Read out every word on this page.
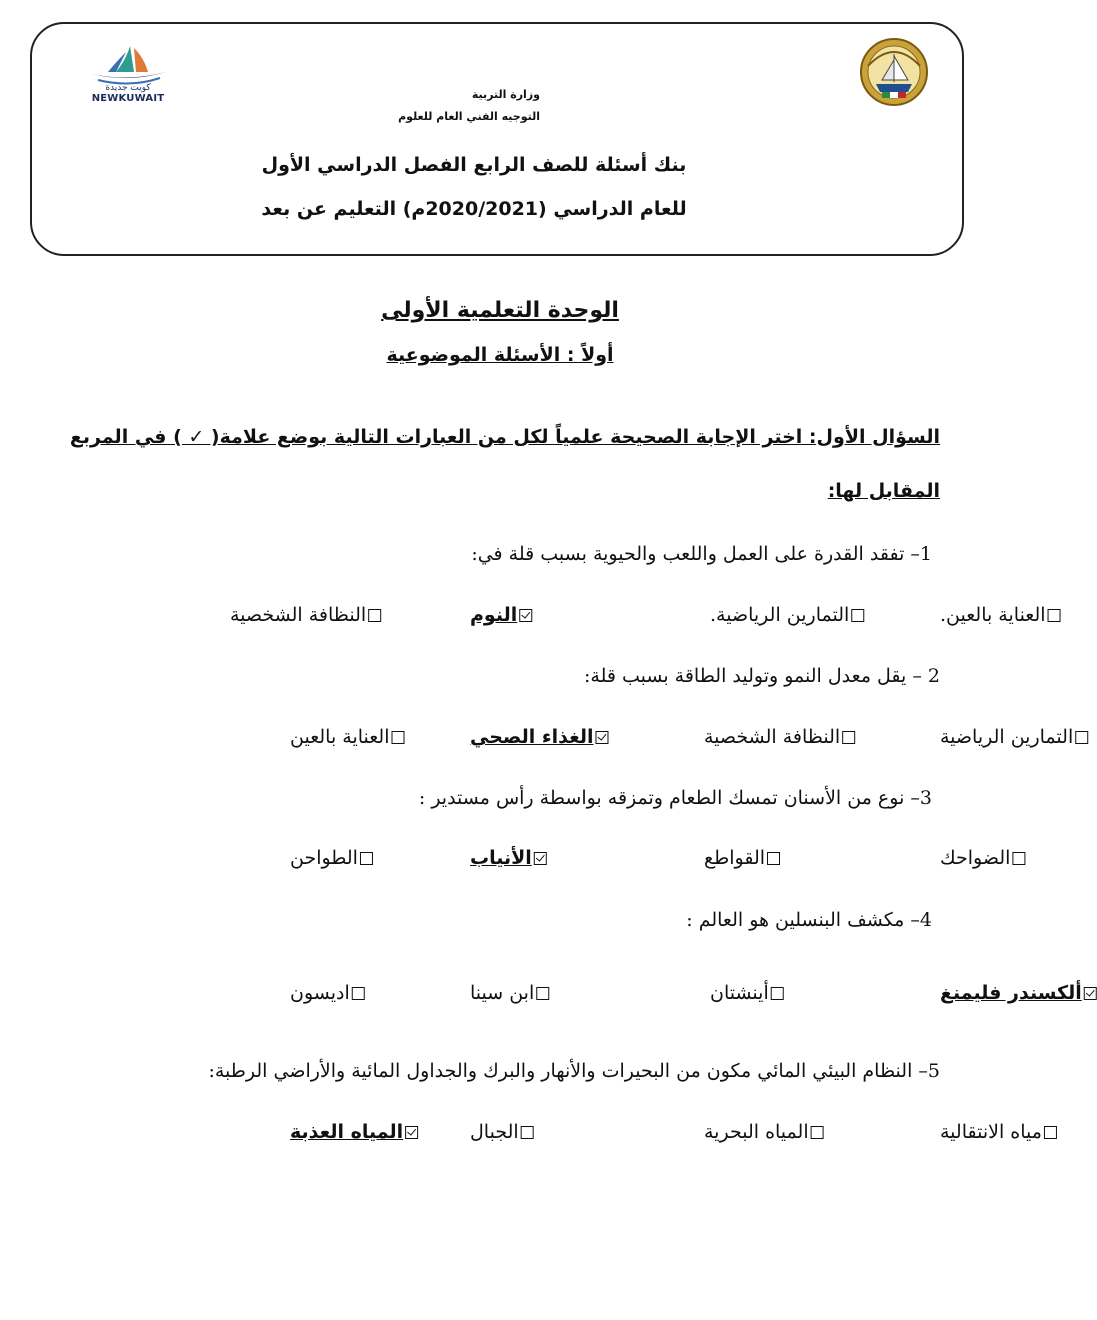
كويت جديدة
NEWKUWAIT	وزارة التربية
التوجيه الفني العام للعلوم
بنك أسئلة للصف الرابع الفصل الدراسي الأول
للعام الدراسي (2020/2021م) التعليم عن بعد
الوحدة التعلمية الأولى
أولاً : الأسئلة الموضوعية
السؤال الأول: اختر الإجابة الصحيحة علمياً لكل من العبارات التالية بوضع علامة( ✓ ) في المربع
المقابل لها:
1– تفقد القدرة على العمل واللعب والحيوية بسبب قلة في:
العناية بالعين.
التمارين الرياضية.
النوم
النظافة الشخصية
2 – يقل معدل النمو وتوليد الطاقة بسبب قلة:
التمارين الرياضية
النظافة الشخصية
الغذاء الصحي
العناية بالعين
3– نوع من الأسنان تمسك الطعام وتمزقه بواسطة رأس مستدير :
الضواحك
القواطع
الأنياب
الطواحن
4– مكشف البنسلين هو العالم :
ألكسندر فليمنغ
أينشتان
ابن سينا
اديسون
5– النظام البيئي المائي مكون من البحيرات والأنهار والبرك والجداول المائية والأراضي الرطبة:
مياه الانتقالية
المياه البحرية
الجبال
المياه العذبة
